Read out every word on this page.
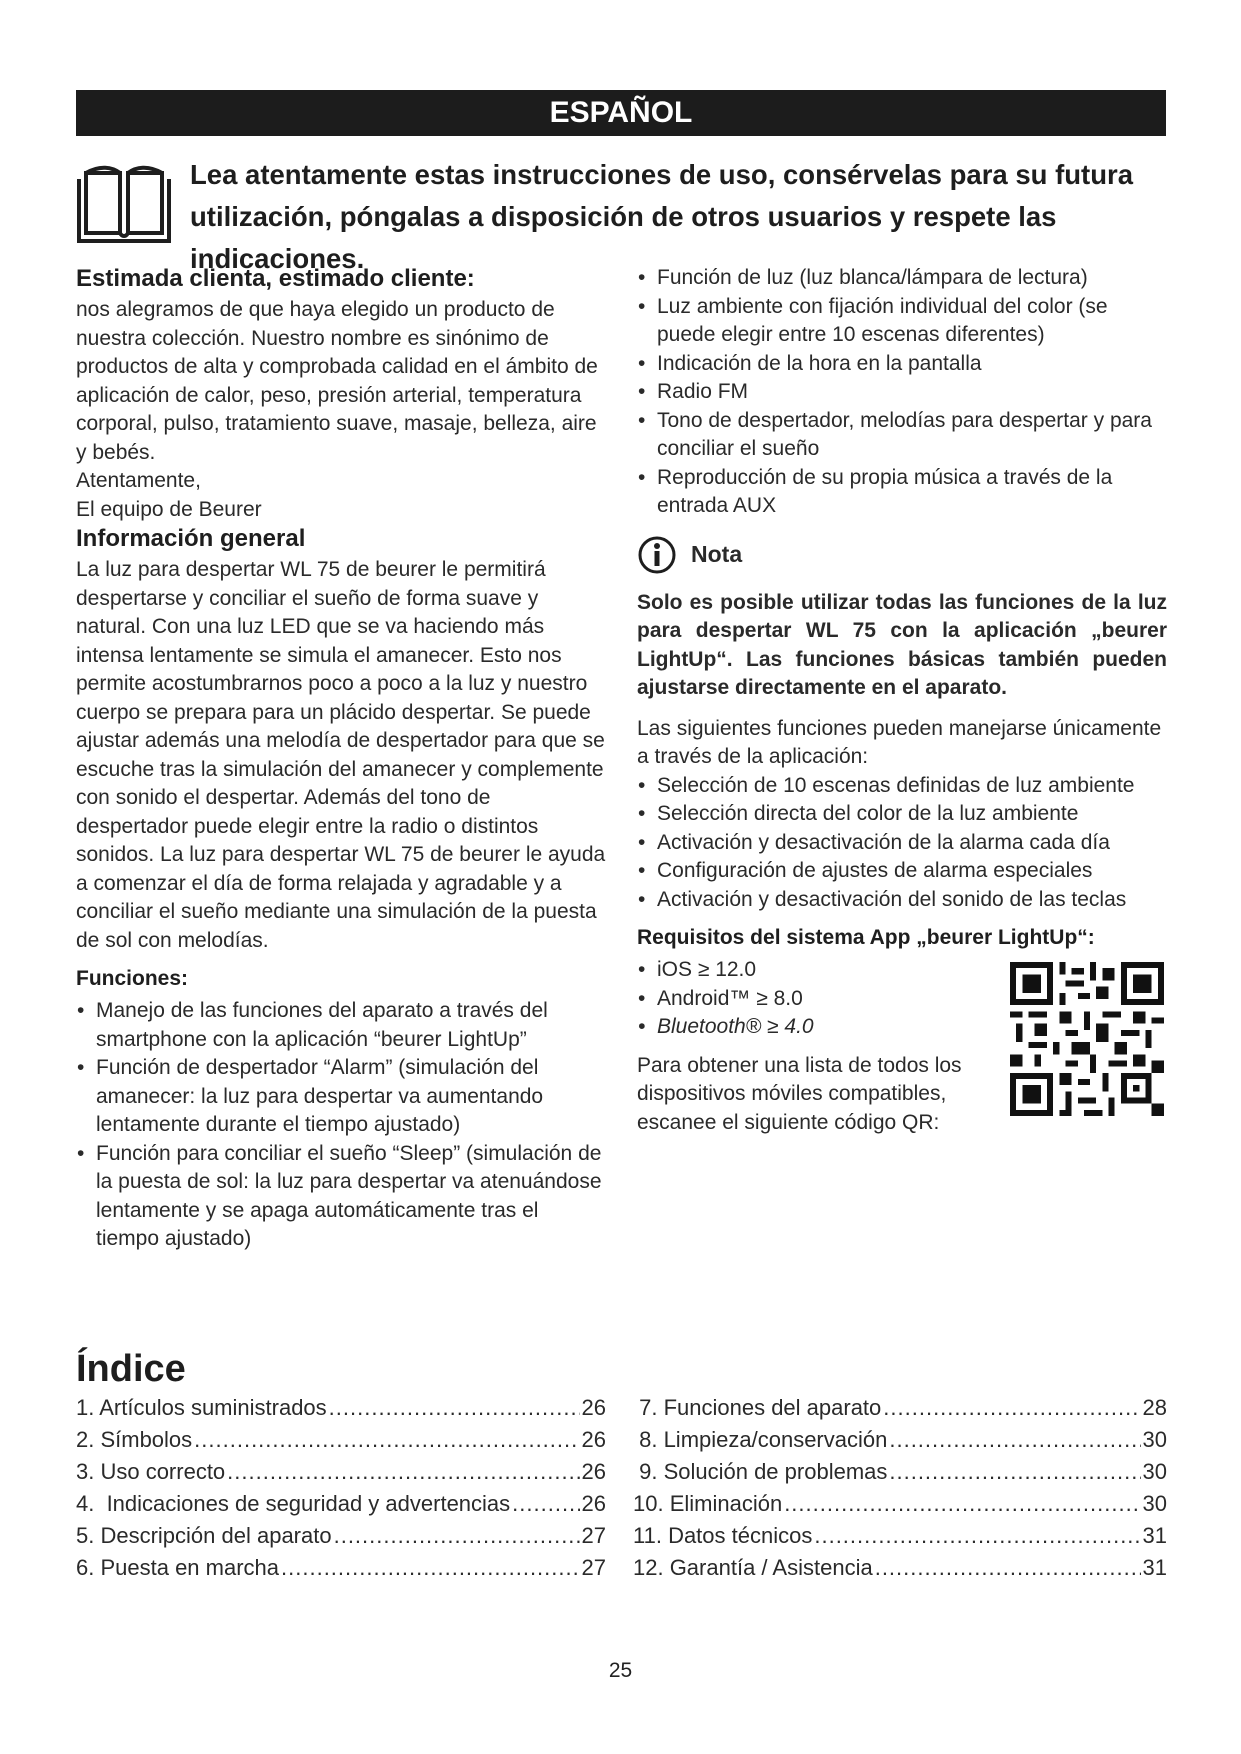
ESPAÑOL
Lea atentamente estas instrucciones de uso, consérvelas para su futura utilización, póngalas a disposición de otros usuarios y respete las indicaciones.
Estimada clienta, estimado cliente:

nos alegramos de que haya elegido un producto de nuestra colección. Nuestro nombre es sinónimo de productos de alta y comprobada calidad en el ámbito de aplicación de calor, peso, presión arterial, temperatura corporal, pulso, tratamiento suave, masaje, belleza, aire y bebés.

Atentamente,

El equipo de Beurer

Información general

La luz para despertar WL 75 de beurer le permitirá despertarse y conciliar el sueño de forma suave y natural. Con una luz LED que se va haciendo más intensa lentamente se simula el amanecer. Esto nos permite acostumbrarnos poco a poco a la luz y nuestro cuerpo se prepara para un plácido despertar. Se puede ajustar además una melodía de despertador para que se escuche tras la simulación del amanecer y complemente con sonido el despertar. Además del tono de despertador puede elegir entre la radio o distintos sonidos. La luz para despertar WL 75 de beurer le ayuda a comenzar el día de forma relajada y agradable y a conciliar el sueño mediante una simulación de la puesta de sol con melodías.

Funciones:
• Manejo de las funciones del aparato a través del smartphone con la aplicación “beurer LightUp”
• Función de despertador “Alarm” (simulación del amanecer: la luz para despertar va aumentando lentamente durante el tiempo ajustado)
• Función para conciliar el sueño “Sleep” (simulación de la puesta de sol: la luz para despertar va atenuándose lentamente y se apaga automáticamente tras el tiempo ajustado)
• Función de luz (luz blanca/lámpara de lectura)
• Luz ambiente con fijación individual del color (se puede elegir entre 10 escenas diferentes)
• Indicación de la hora en la pantalla
• Radio FM
• Tono de despertador, melodías para despertar y para conciliar el sueño
• Reproducción de su propia música a través de la entrada AUX
Nota

Solo es posible utilizar todas las funciones de la luz para despertar WL 75 con la aplicación „beurer LightUp“. Las funciones básicas también pueden ajustarse directamente en el aparato.

Las siguientes funciones pueden manejarse únicamente a través de la aplicación:

• Selección de 10 escenas definidas de luz ambiente
• Selección directa del color de la luz ambiente
• Activación y desactivación de la alarma cada día
• Configuración de ajustes de alarma especiales
• Activación y desactivación del sonido de las teclas
Requisitos del sistema App „beurer LightUp“:
• iOS ≥ 12.0
• Android™ ≥ 8.0
• Bluetooth® ≥ 4.0

Para obtener una lista de todos los dispositivos móviles compatibles, escanee el siguiente código QR:

Índice
1. Artículos suministrados .....	26
2. Símbolos .....	26
3. Uso correcto .....	26
4.  Indicaciones de seguridad y advertencias .....	26
5. Descripción del aparato .....	27
6. Puesta en marcha .....	27
7. Funciones del aparato .....	28
8. Limpieza/conservación .....	30
9. Solución de problemas .....	30
10. Eliminación .....	30
11. Datos técnicos .....	31
12. Garantía / Asistencia .....	31
25
